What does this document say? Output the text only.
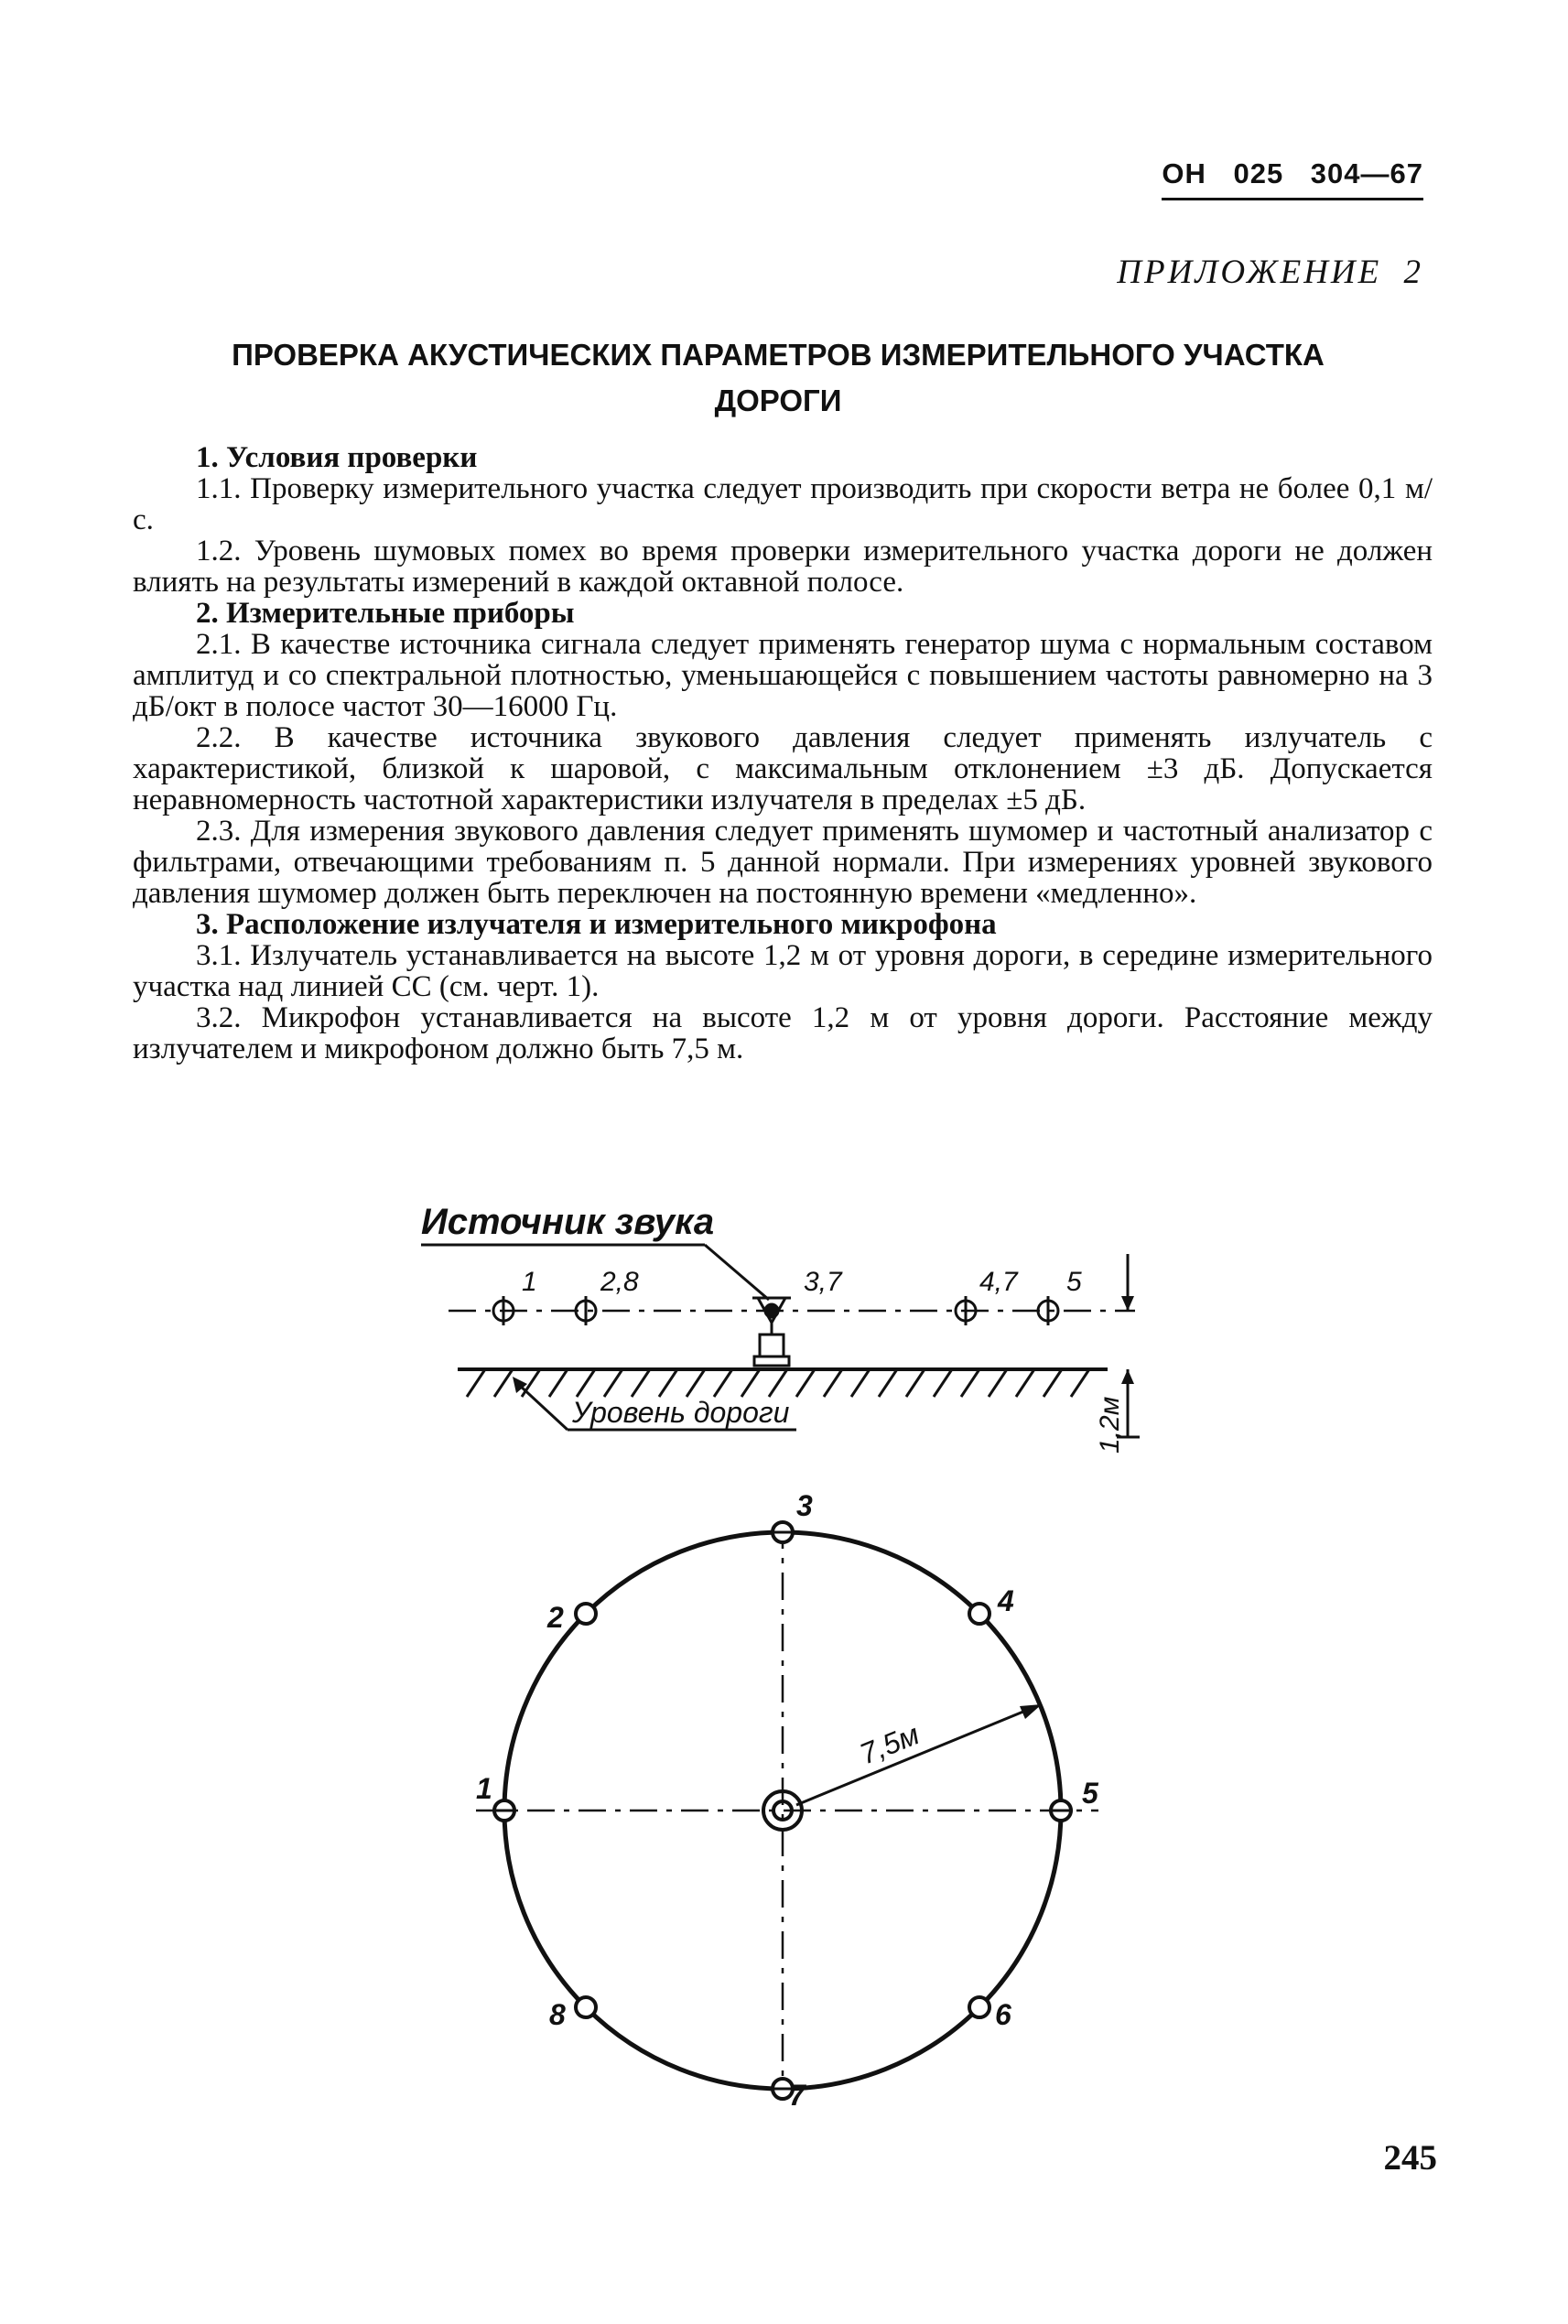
ОН 025 304—67
ПРИЛОЖЕНИЕ 2
ПРОВЕРКА АКУСТИЧЕСКИХ ПАРАМЕТРОВ ИЗМЕРИТЕЛЬНОГО УЧАСТКА ДОРОГИ

1. Условия проверки

1.1. Проверку измерительного участка следует производить при скорости ветра не более 0,1 м/с.

1.2. Уровень шумовых помех во время проверки измерительного участка дороги не должен влиять на результаты измерений в каждой октавной полосе.

2. Измерительные приборы

2.1. В качестве источника сигнала следует применять генератор шума с нормальным составом амплитуд и со спектральной плотностью, уменьшающейся с повышением частоты равномерно на 3 дБ/окт в полосе частот 30—16000 Гц.

2.2. В качестве источника звукового давления следует применять излучатель с характеристикой, близкой к шаровой, с максимальным отклонением ±3 дБ. Допускается неравномерность частотной характеристики излучателя в пределах ±5 дБ.

2.3. Для измерения звукового давления следует применять шумомер и частотный анализатор с фильтрами, отвечающими требованиям п. 5 данной нормали. При измерениях уровней звукового давления шумомер должен быть переключен на постоянную времени «медленно».

3. Расположение излучателя и измерительного микрофона

3.1. Излучатель устанавливается на высоте 1,2 м от уровня дороги, в середине измерительного участка над линией СС (см. черт. 1).

3.2. Микрофон устанавливается на высоте 1,2 м от уровня дороги. Расстояние между излучателем и микрофоном должно быть 7,5 м.

Источник звука
1 2,8	3,7	4,7 5
Уровень дороги	1,2м
7,5м
1
2
3
4
5
6
7
8
245
